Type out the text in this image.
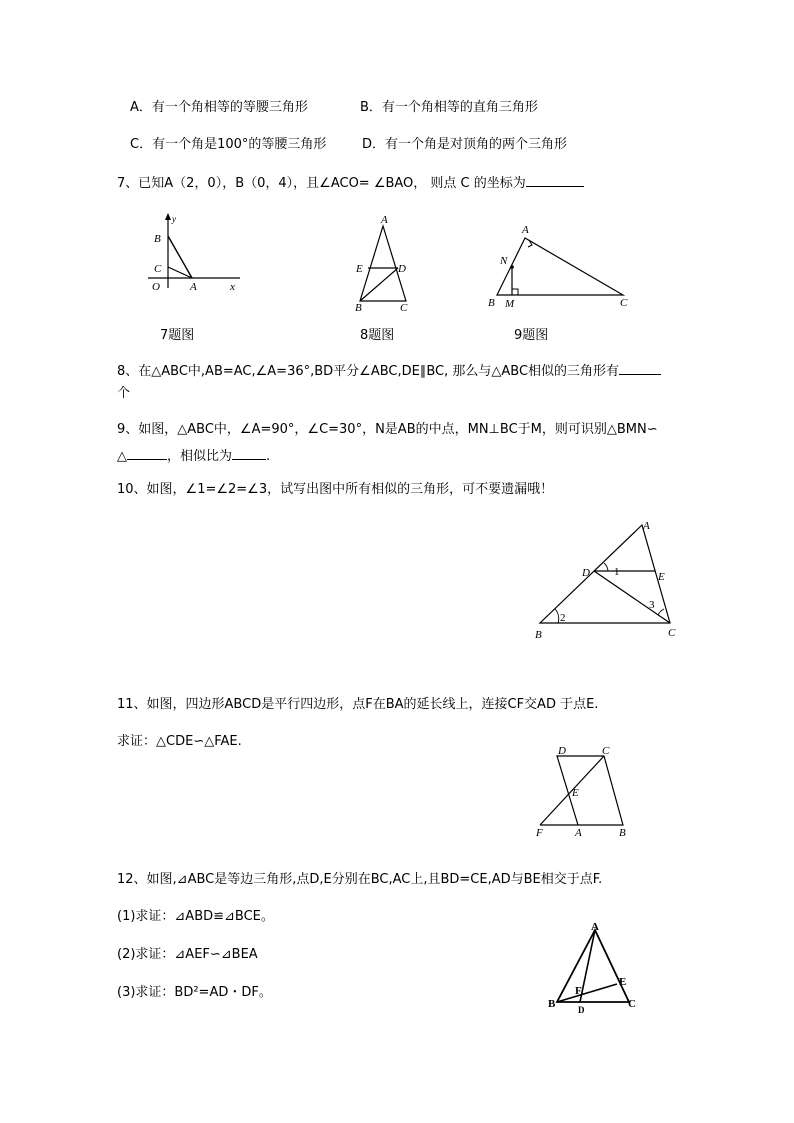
A．有一个角相等的等腰三角形	B．有一个角相等的直角三角形
C．有一个角是100°的等腰三角形	D．有一个角是对顶角的两个三角形
7、已知A（2，0），B（0，4），且∠ACO= ∠BAO， 则点 C 的坐标为
y
B
C
O	A	x
A
E	D
B	C
A
N
B M	C
7题图	8题图	9题图
8、在△ABC中,AB=AC,∠A=36°,BD平分∠ABC,DE∥BC, 那么与△ABC相似的三角形有
个
9、如图，△ABC中，∠A=90°，∠C=30°，N是AB的中点，MN⊥BC于M，则可识别△BMN∽
△	，相似比为	.
10、如图，∠1=∠2=∠3，试写出图中所有相似的三角形，可不要遗漏哦！
A
D	E
B	C
1
2
3
11、如图，四边形ABCD是平行四边形，点F在BA的延长线上，连接CF交AD 于点E.
求证：△CDE∽△FAE.
D	C
E
F	A	B
12、如图,⊿ABC是等边三角形,点D,E分别在BC,AC上,且BD=CE,AD与BE相交于点F.
(1)求证：⊿ABD≌⊿BCE。
(2)求证：⊿AEF∽⊿BEA
(3)求证：BD²=AD・DF。
A
E
F
B	D	C
